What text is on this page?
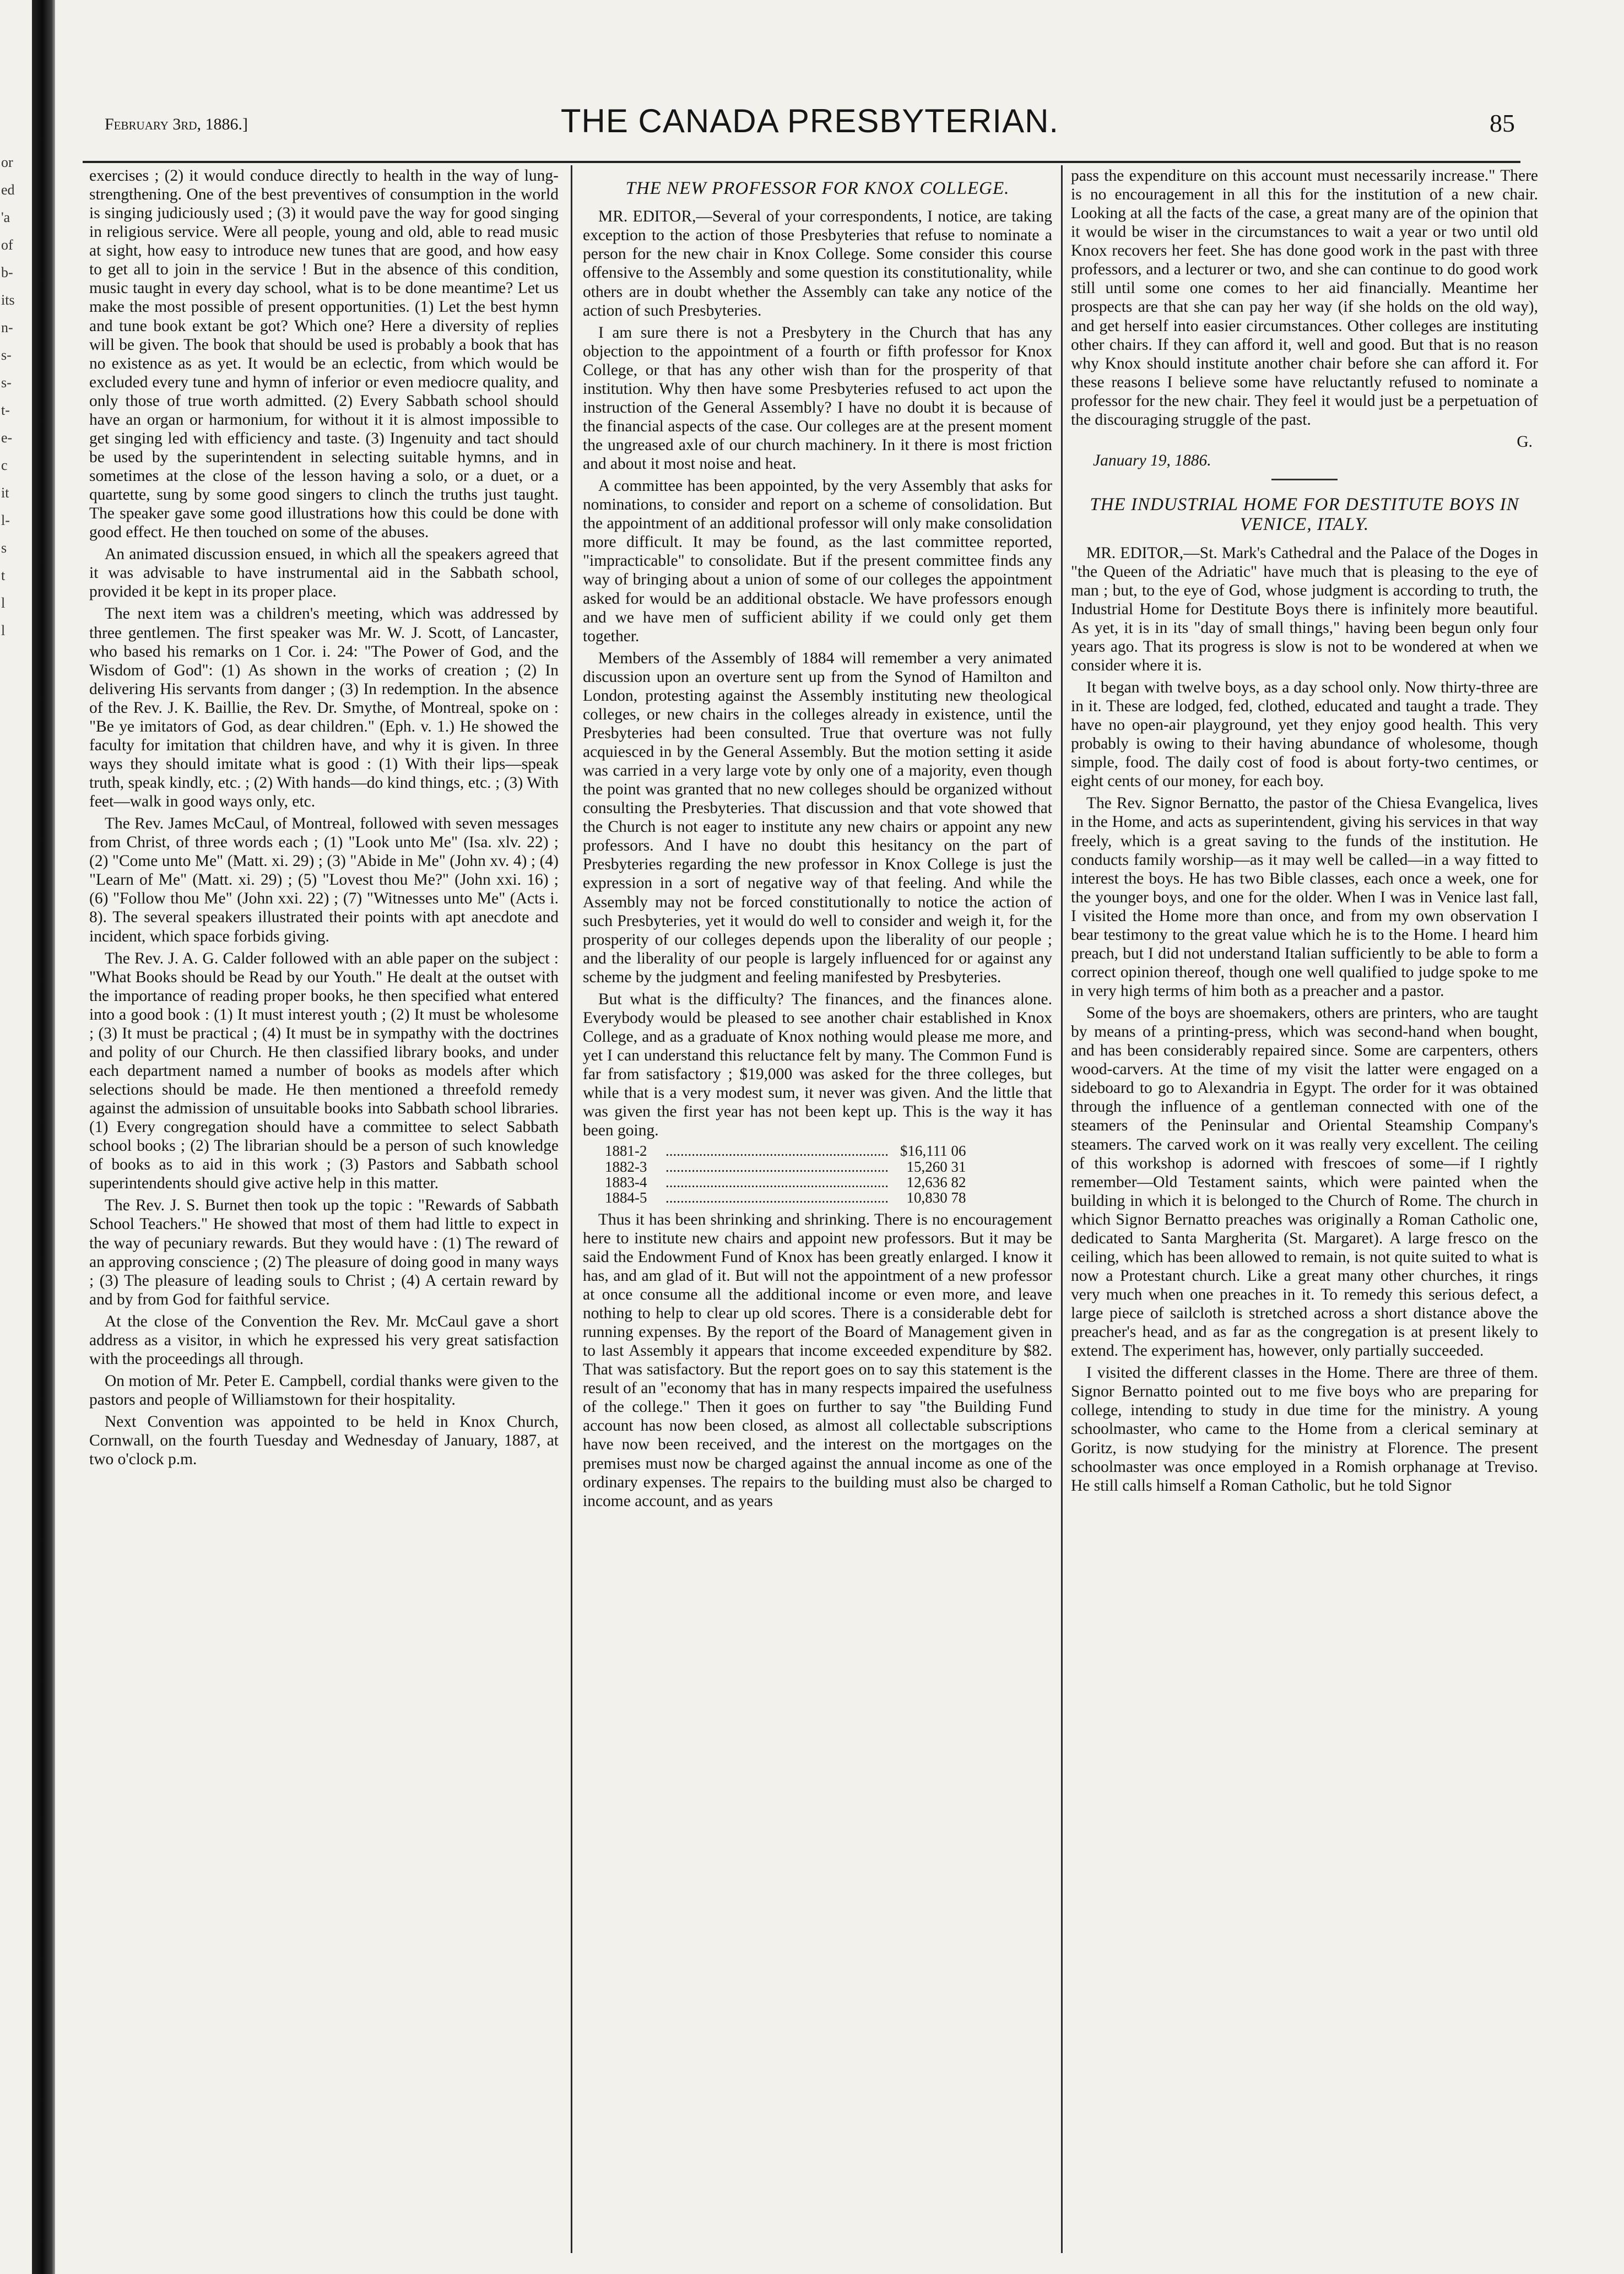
or
ed
'a
of
b-
its
n-
s-
s-
t-
e-
c
it
l-
s
t
l
l
February 3rd, 1886.]	THE CANADA PRESBYTERIAN.	85

exercises ; (2) it would conduce directly to health in the way of lung-strengthening. One of the best preventives of consumption in the world is singing judiciously used ; (3) it would pave the way for good singing in religious service. Were all people, young and old, able to read music at sight, how easy to introduce new tunes that are good, and how easy to get all to join in the service ! But in the absence of this condition, music taught in every day school, what is to be done meantime? Let us make the most possible of present opportunities. (1) Let the best hymn and tune book extant be got? Which one? Here a diversity of replies will be given. The book that should be used is probably a book that has no existence as as yet. It would be an eclectic, from which would be excluded every tune and hymn of inferior or even mediocre quality, and only those of true worth admitted. (2) Every Sabbath school should have an organ or harmonium, for without it it is almost impossible to get singing led with efficiency and taste. (3) Ingenuity and tact should be used by the superintendent in selecting suitable hymns, and in sometimes at the close of the lesson having a solo, or a duet, or a quartette, sung by some good singers to clinch the truths just taught. The speaker gave some good illustrations how this could be done with good effect. He then touched on some of the abuses.

An animated discussion ensued, in which all the speakers agreed that it was advisable to have instrumental aid in the Sabbath school, provided it be kept in its proper place.

The next item was a children's meeting, which was addressed by three gentlemen. The first speaker was Mr. W. J. Scott, of Lancaster, who based his remarks on 1 Cor. i. 24: "The Power of God, and the Wisdom of God": (1) As shown in the works of creation ; (2) In delivering His servants from danger ; (3) In redemption. In the absence of the Rev. J. K. Baillie, the Rev. Dr. Smythe, of Montreal, spoke on : "Be ye imitators of God, as dear children." (Eph. v. 1.) He showed the faculty for imitation that children have, and why it is given. In three ways they should imitate what is good : (1) With their lips—speak truth, speak kindly, etc. ; (2) With hands—do kind things, etc. ; (3) With feet—walk in good ways only, etc.

The Rev. James McCaul, of Montreal, followed with seven messages from Christ, of three words each ; (1) "Look unto Me" (Isa. xlv. 22) ; (2) "Come unto Me" (Matt. xi. 29) ; (3) "Abide in Me" (John xv. 4) ; (4) "Learn of Me" (Matt. xi. 29) ; (5) "Lovest thou Me?" (John xxi. 16) ; (6) "Follow thou Me" (John xxi. 22) ; (7) "Witnesses unto Me" (Acts i. 8). The several speakers illustrated their points with apt anecdote and incident, which space forbids giving.

The Rev. J. A. G. Calder followed with an able paper on the subject : "What Books should be Read by our Youth." He dealt at the outset with the importance of reading proper books, he then specified what entered into a good book : (1) It must interest youth ; (2) It must be wholesome ; (3) It must be practical ; (4) It must be in sympathy with the doctrines and polity of our Church. He then classified library books, and under each department named a number of books as models after which selections should be made. He then mentioned a threefold remedy against the admission of unsuitable books into Sabbath school libraries. (1) Every congregation should have a committee to select Sabbath school books ; (2) The librarian should be a person of such knowledge of books as to aid in this work ; (3) Pastors and Sabbath school superintendents should give active help in this matter.

The Rev. J. S. Burnet then took up the topic : "Rewards of Sabbath School Teachers." He showed that most of them had little to expect in the way of pecuniary rewards. But they would have : (1) The reward of an approving conscience ; (2) The pleasure of doing good in many ways ; (3) The pleasure of leading souls to Christ ; (4) A certain reward by and by from God for faithful service.

At the close of the Convention the Rev. Mr. McCaul gave a short address as a visitor, in which he expressed his very great satisfaction with the proceedings all through.

On motion of Mr. Peter E. Campbell, cordial thanks were given to the pastors and people of Williamstown for their hospitality.

Next Convention was appointed to be held in Knox Church, Cornwall, on the fourth Tuesday and Wednesday of January, 1887, at two o'clock p.m.

THE NEW PROFESSOR FOR KNOX COLLEGE.

MR. EDITOR,—Several of your correspondents, I notice, are taking exception to the action of those Presbyteries that refuse to nominate a person for the new chair in Knox College. Some consider this course offensive to the Assembly and some question its constitutionality, while others are in doubt whether the Assembly can take any notice of the action of such Presbyteries.

I am sure there is not a Presbytery in the Church that has any objection to the appointment of a fourth or fifth professor for Knox College, or that has any other wish than for the prosperity of that institution. Why then have some Presbyteries refused to act upon the instruction of the General Assembly? I have no doubt it is because of the financial aspects of the case. Our colleges are at the present moment the ungreased axle of our church machinery. In it there is most friction and about it most noise and heat.

A committee has been appointed, by the very Assembly that asks for nominations, to consider and report on a scheme of consolidation. But the appointment of an additional professor will only make consolidation more difficult. It may be found, as the last committee reported, "impracticable" to consolidate. But if the present committee finds any way of bringing about a union of some of our colleges the appointment asked for would be an additional obstacle. We have professors enough and we have men of sufficient ability if we could only get them together.

Members of the Assembly of 1884 will remember a very animated discussion upon an overture sent up from the Synod of Hamilton and London, protesting against the Assembly instituting new theological colleges, or new chairs in the colleges already in existence, until the Presbyteries had been consulted. True that overture was not fully acquiesced in by the General Assembly. But the motion setting it aside was carried in a very large vote by only one of a majority, even though the point was granted that no new colleges should be organized without consulting the Presbyteries. That discussion and that vote showed that the Church is not eager to institute any new chairs or appoint any new professors. And I have no doubt this hesitancy on the part of Presbyteries regarding the new professor in Knox College is just the expression in a sort of negative way of that feeling. And while the Assembly may not be forced constitutionally to notice the action of such Presbyteries, yet it would do well to consider and weigh it, for the prosperity of our colleges depends upon the liberality of our people ; and the liberality of our people is largely influenced for or against any scheme by the judgment and feeling manifested by Presbyteries.

But what is the difficulty? The finances, and the finances alone. Everybody would be pleased to see another chair established in Knox College, and as a graduate of Knox nothing would please me more, and yet I can understand this reluctance felt by many. The Common Fund is far from satisfactory ; $19,000 was asked for the three colleges, but while that is a very modest sum, it never was given. And the little that was given the first year has not been kept up. This is the way it has been going.

1881-2	............................................................	$16,111 06
1882-3	............................................................	15,260 31
1883-4	............................................................	12,636 82
1884-5	............................................................	10,830 78

Thus it has been shrinking and shrinking. There is no encouragement here to institute new chairs and appoint new professors. But it may be said the Endowment Fund of Knox has been greatly enlarged. I know it has, and am glad of it. But will not the appointment of a new professor at once consume all the additional income or even more, and leave nothing to help to clear up old scores. There is a considerable debt for running expenses. By the report of the Board of Management given in to last Assembly it appears that income exceeded expenditure by $82. That was satisfactory. But the report goes on to say this statement is the result of an "economy that has in many respects impaired the usefulness of the college." Then it goes on further to say "the Building Fund account has now been closed, as almost all collectable subscriptions have now been received, and the interest on the mortgages on the premises must now be charged against the annual income as one of the ordinary expenses. The repairs to the building must also be charged to income account, and as years

pass the expenditure on this account must necessarily increase." There is no encouragement in all this for the institution of a new chair. Looking at all the facts of the case, a great many are of the opinion that it would be wiser in the circumstances to wait a year or two until old Knox recovers her feet. She has done good work in the past with three professors, and a lecturer or two, and she can continue to do good work still until some one comes to her aid financially. Meantime her prospects are that she can pay her way (if she holds on the old way), and get herself into easier circumstances. Other colleges are instituting other chairs. If they can afford it, well and good. But that is no reason why Knox should institute another chair before she can afford it. For these reasons I believe some have reluctantly refused to nominate a professor for the new chair. They feel it would just be a perpetuation of the discouraging struggle of the past.

G.
January 19, 1886.
THE INDUSTRIAL HOME FOR DESTITUTE BOYS IN VENICE, ITALY.

MR. EDITOR,—St. Mark's Cathedral and the Palace of the Doges in "the Queen of the Adriatic" have much that is pleasing to the eye of man ; but, to the eye of God, whose judgment is according to truth, the Industrial Home for Destitute Boys there is infinitely more beautiful. As yet, it is in its "day of small things," having been begun only four years ago. That its progress is slow is not to be wondered at when we consider where it is.

It began with twelve boys, as a day school only. Now thirty-three are in it. These are lodged, fed, clothed, educated and taught a trade. They have no open-air playground, yet they enjoy good health. This very probably is owing to their having abundance of wholesome, though simple, food. The daily cost of food is about forty-two centimes, or eight cents of our money, for each boy.

The Rev. Signor Bernatto, the pastor of the Chiesa Evangelica, lives in the Home, and acts as superintendent, giving his services in that way freely, which is a great saving to the funds of the institution. He conducts family worship—as it may well be called—in a way fitted to interest the boys. He has two Bible classes, each once a week, one for the younger boys, and one for the older. When I was in Venice last fall, I visited the Home more than once, and from my own observation I bear testimony to the great value which he is to the Home. I heard him preach, but I did not understand Italian sufficiently to be able to form a correct opinion thereof, though one well qualified to judge spoke to me in very high terms of him both as a preacher and a pastor.

Some of the boys are shoemakers, others are printers, who are taught by means of a printing-press, which was second-hand when bought, and has been considerably repaired since. Some are carpenters, others wood-carvers. At the time of my visit the latter were engaged on a sideboard to go to Alexandria in Egypt. The order for it was obtained through the influence of a gentleman connected with one of the steamers of the Peninsular and Oriental Steamship Company's steamers. The carved work on it was really very excellent. The ceiling of this workshop is adorned with frescoes of some—if I rightly remember—Old Testament saints, which were painted when the building in which it is belonged to the Church of Rome. The church in which Signor Bernatto preaches was originally a Roman Catholic one, dedicated to Santa Margherita (St. Margaret). A large fresco on the ceiling, which has been allowed to remain, is not quite suited to what is now a Protestant church. Like a great many other churches, it rings very much when one preaches in it. To remedy this serious defect, a large piece of sailcloth is stretched across a short distance above the preacher's head, and as far as the congregation is at present likely to extend. The experiment has, however, only partially succeeded.

I visited the different classes in the Home. There are three of them. Signor Bernatto pointed out to me five boys who are preparing for college, intending to study in due time for the ministry. A young schoolmaster, who came to the Home from a clerical seminary at Goritz, is now studying for the ministry at Florence. The present schoolmaster was once employed in a Romish orphanage at Treviso. He still calls himself a Roman Catholic, but he told Signor
